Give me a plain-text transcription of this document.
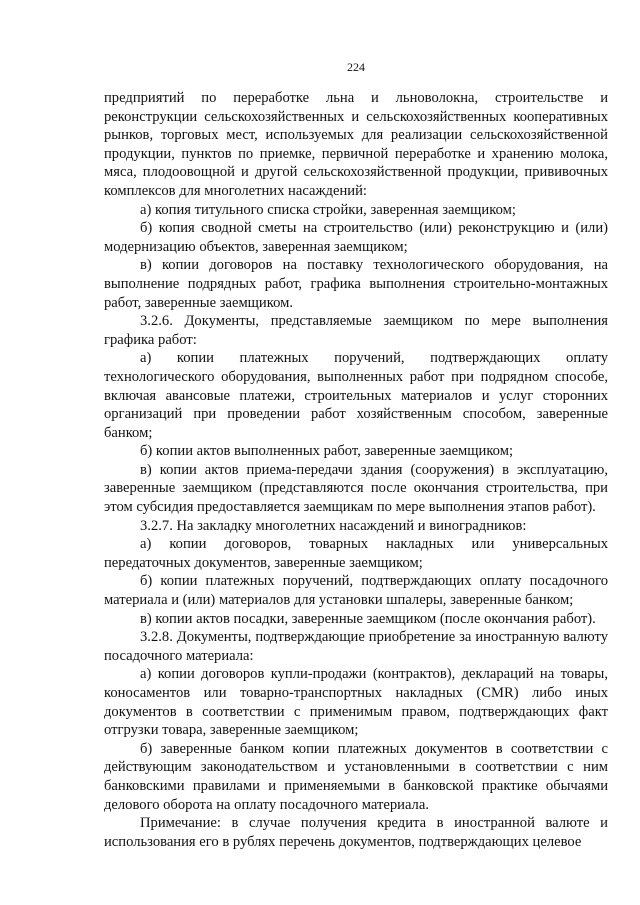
224

предприятий по переработке льна и льноволокна, строительстве и реконструкции сельскохозяйственных и сельскохозяйственных кооперативных рынков, торговых мест, используемых для реализации сельскохозяйственной продукции, пунктов по приемке, первичной переработке и хранению молока, мяса, плодоовощной и другой сельскохозяйственной продукции, прививочных комплексов для многолетних насаждений:

а) копия титульного списка стройки, заверенная заемщиком;

б) копия сводной сметы на строительство (или) реконструкцию и (или) модернизацию объектов, заверенная заемщиком;

в) копии договоров на поставку технологического оборудования, на выполнение подрядных работ, графика выполнения строительно-монтажных работ, заверенные заемщиком.

3.2.6. Документы, представляемые заемщиком по мере выполнения графика работ:

а) копии платежных поручений, подтверждающих оплату технологического оборудования, выполненных работ при подрядном способе, включая авансовые платежи, строительных материалов и услуг сторонних организаций при проведении работ хозяйственным способом, заверенные банком;

б) копии актов выполненных работ, заверенные заемщиком;

в) копии актов приема-передачи здания (сооружения) в эксплуатацию, заверенные заемщиком (представляются после окончания строительства, при этом субсидия предоставляется заемщикам по мере выполнения этапов работ).

3.2.7. На закладку многолетних насаждений и виноградников:

а) копии договоров, товарных накладных или универсальных передаточных документов, заверенные заемщиком;

б) копии платежных поручений, подтверждающих оплату посадочного материала и (или) материалов для установки шпалеры, заверенные банком;

в) копии актов посадки, заверенные заемщиком (после окончания работ).

3.2.8. Документы, подтверждающие приобретение за иностранную валюту посадочного материала:

а) копии договоров купли-продажи (контрактов), деклараций на товары, коносаментов или товарно-транспортных накладных (CMR) либо иных документов в соответствии с применимым правом, подтверждающих факт отгрузки товара, заверенные заемщиком;

б) заверенные банком копии платежных документов в соответствии с действующим законодательством и установленными в соответствии с ним банковскими правилами и применяемыми в банковской практике обычаями делового оборота на оплату посадочного материала.

Примечание: в случае получения кредита в иностранной валюте и использования его в рублях перечень документов, подтверждающих целевое
